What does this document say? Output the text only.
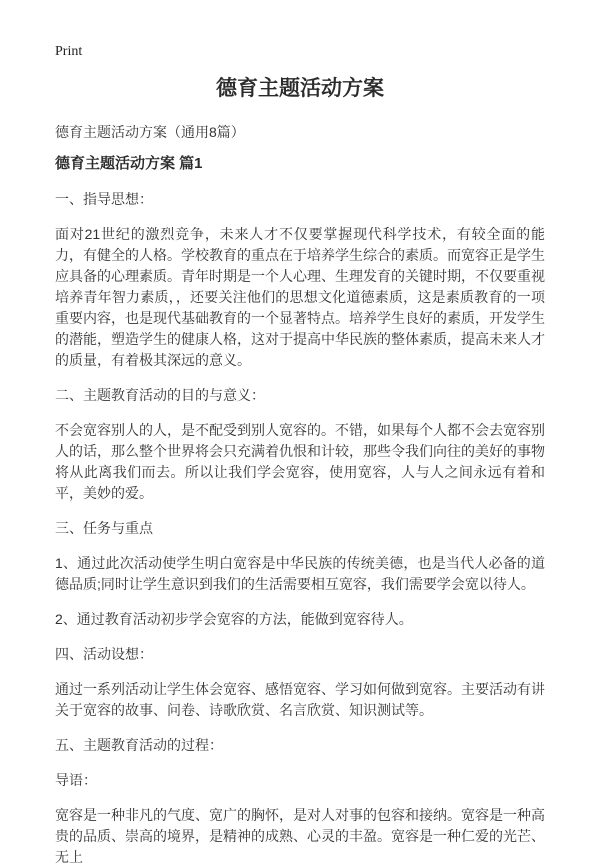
Print
德育主题活动方案

德育主题活动方案（通用8篇）

德育主题活动方案 篇1

一、指导思想：

面对21世纪的激烈竞争，未来人才不仅要掌握现代科学技术，有较全面的能力，有健全的人格。学校教育的重点在于培养学生综合的素质。而宽容正是学生应具备的心理素质。青年时期是一个人心理、生理发育的关键时期，不仅要重视培养青年智力素质，，还要关注他们的思想文化道德素质，这是素质教育的一项重要内容，也是现代基础教育的一个显著特点。培养学生良好的素质，开发学生的潜能，塑造学生的健康人格，这对于提高中华民族的整体素质，提高未来人才的质量，有着极其深远的意义。

二、主题教育活动的目的与意义：

不会宽容别人的人，是不配受到别人宽容的。不错，如果每个人都不会去宽容别人的话，那么整个世界将会只充满着仇恨和计较，那些令我们向往的美好的事物将从此离我们而去。所以让我们学会宽容，使用宽容，人与人之间永远有着和平，美妙的爱。

三、任务与重点

1、通过此次活动使学生明白宽容是中华民族的传统美德，也是当代人必备的道德品质;同时让学生意识到我们的生活需要相互宽容，我们需要学会宽以待人。

2、通过教育活动初步学会宽容的方法，能做到宽容待人。

四、活动设想：

通过一系列活动让学生体会宽容、感悟宽容、学习如何做到宽容。主要活动有讲关于宽容的故事、问卷、诗歌欣赏、名言欣赏、知识测试等。

五、主题教育活动的过程：

导语：

宽容是一种非凡的气度、宽广的胸怀，是对人对事的包容和接纳。宽容是一种高贵的品质、崇高的境界，是精神的成熟、心灵的丰盈。宽容是一种仁爱的光芒、无上
